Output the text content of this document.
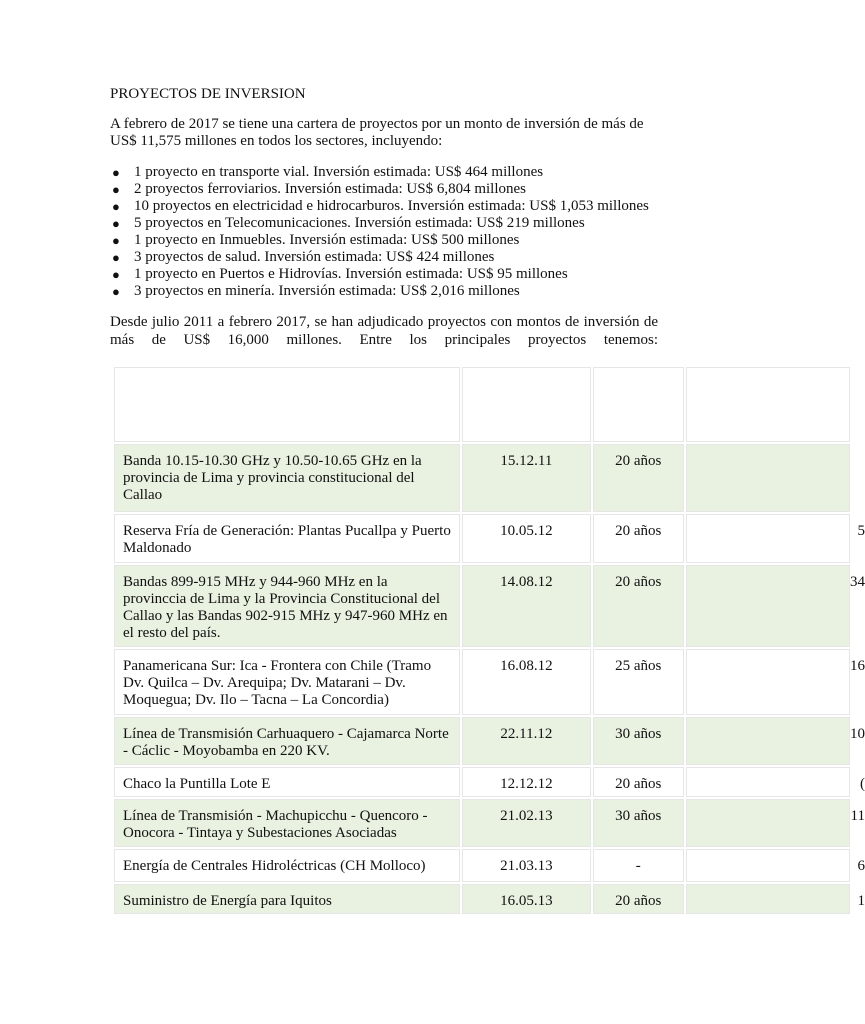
PROYECTOS DE INVERSION
A febrero de 2017 se tiene una cartera de proyectos por un monto de inversión de más de US$ 11,575 millones en todos los sectores, incluyendo:
● 1 proyecto en transporte vial. Inversión estimada: US$ 464 millones
● 2 proyectos ferroviarios. Inversión estimada: US$ 6,804 millones
● 10 proyectos en electricidad e hidrocarburos. Inversión estimada: US$ 1,053 millones
● 5 proyectos en Telecomunicaciones. Inversión estimada: US$ 219 millones
● 1 proyecto en Inmuebles. Inversión estimada: US$ 500 millones
● 3 proyectos de salud. Inversión estimada: US$ 424 millones
● 1 proyecto en Puertos e Hidrovías. Inversión estimada: US$ 95 millones
● 3 proyectos en minería. Inversión estimada: US$ 2,016 millones
Desde julio 2011 a febrero 2017, se han adjudicado proyectos con montos de inversión de más de US$ 16,000 millones. Entre los principales proyectos tenemos:

Banda 10.15-10.30 GHz y 10.50-10.65 GHz en la provincia de Lima y provincia constitucional del Callao	15.12.11	20 años	
Reserva Fría de Generación: Plantas Pucallpa y Puerto Maldonado	10.05.12	20 años	5
Bandas 899-915 MHz y 944-960 MHz en la provinccia de Lima y la Provincia Constitucional del Callao y las Bandas 902-915 MHz y 947-960 MHz en el resto del país.	14.08.12	20 años	34
Panamericana Sur: Ica - Frontera con Chile (Tramo Dv. Quilca – Dv. Arequipa; Dv. Matarani – Dv. Moquegua; Dv. Ilo – Tacna – La Concordia)	16.08.12	25 años	16
Línea de Transmisión Carhuaquero - Cajamarca Norte - Cáclic - Moyobamba en 220 KV.	22.11.12	30 años	10
Chaco la Puntilla Lote E	12.12.12	20 años	(
Línea de Transmisión - Machupicchu - Quencoro - Onocora - Tintaya y Subestaciones Asociadas	21.02.13	30 años	11
Energía de Centrales Hidroléctricas (CH Molloco)	21.03.13	-	6
Suministro de Energía para Iquitos	16.05.13	20 años	1
